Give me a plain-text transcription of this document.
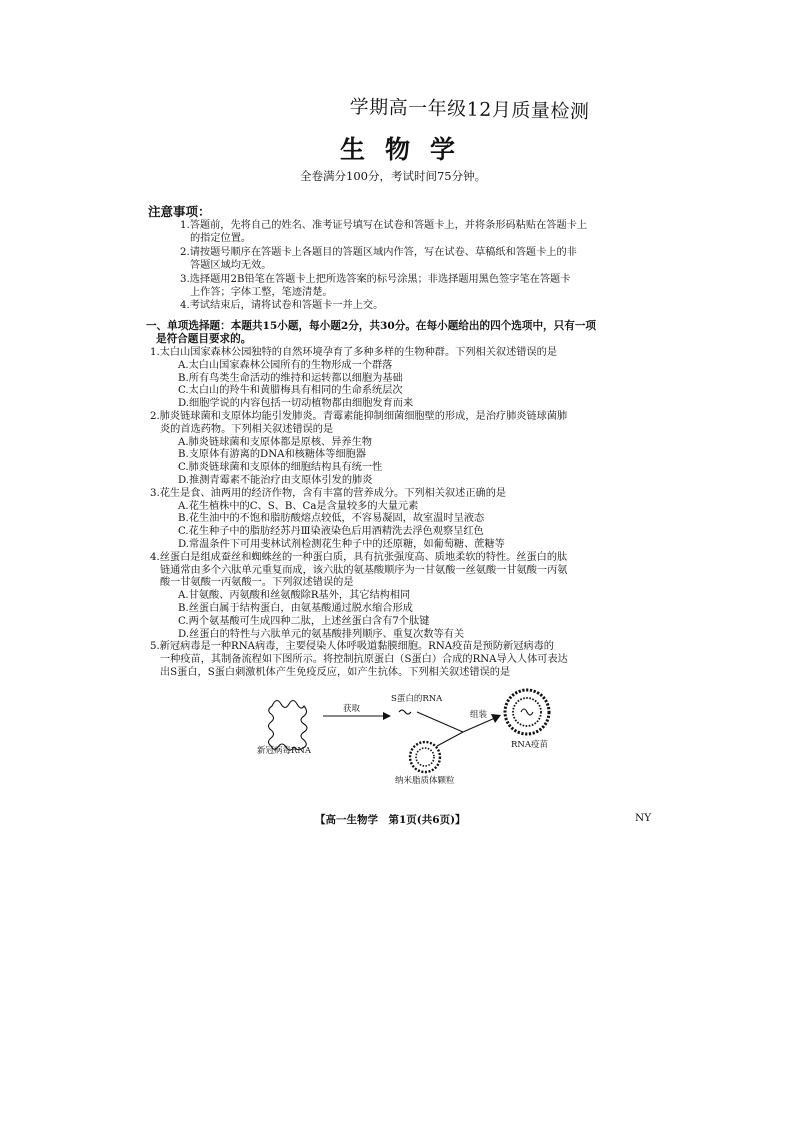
学期高一年级12月质量检测
生物学
全卷满分100分，考试时间75分钟。
注意事项：
1.答题前，先将自己的姓名、准考证号填写在试卷和答题卡上，并将条形码粘贴在答题卡上
的指定位置。
2.请按题号顺序在答题卡上各题目的答题区域内作答，写在试卷、草稿纸和答题卡上的非
答题区域均无效。
3.选择题用2B铅笔在答题卡上把所选答案的标号涂黑；非选择题用黑色签字笔在答题卡
上作答；字体工整，笔迹清楚。
4.考试结束后，请将试卷和答题卡一并上交。
一、单项选择题：本题共15小题，每小题2分，共30分。在每小题给出的四个选项中，只有一项
是符合题目要求的。
1.太白山国家森林公园独特的自然环境孕育了多种多样的生物种群。下列相关叙述错误的是
A.太白山国家森林公园所有的生物形成一个群落
B.所有鸟类生命活动的维持和运转都以细胞为基础
C.太白山的羚牛和黄腊梅具有相同的生命系统层次
D.细胞学说的内容包括一切动植物都由细胞发育而来
2.肺炎链球菌和支原体均能引发肺炎。青霉素能抑制细菌细胞壁的形成，是治疗肺炎链球菌肺
炎的首选药物。下列相关叙述错误的是
A.肺炎链球菌和支原体都是原核、异养生物
B.支原体有游离的DNA和核糖体等细胞器
C.肺炎链球菌和支原体的细胞结构具有统一性
D.推测青霉素不能治疗由支原体引发的肺炎
3.花生是食、油两用的经济作物，含有丰富的营养成分。下列相关叙述正确的是
A.花生植株中的C、S、B、Ca是含量较多的大量元素
B.花生油中的不饱和脂肪酸熔点较低，不容易凝固，故室温时呈液态
C.花生种子中的脂肪经苏丹Ⅲ染液染色后用酒精洗去浮色观察呈红色
D.常温条件下可用斐林试剂检测花生种子中的还原糖，如葡萄糖、蔗糖等
4.丝蛋白是组成蚕丝和蜘蛛丝的一种蛋白质，具有抗张强度高、质地柔软的特性。丝蛋白的肽
链通常由多个六肽单元重复而成，该六肽的氨基酸顺序为一甘氨酸一丝氨酸一甘氨酸一丙氨
酸一甘氨酸一丙氨酸一。下列叙述错误的是
A.甘氨酸、丙氨酸和丝氨酸除R基外，其它结构相同
B.丝蛋白属于结构蛋白，由氨基酸通过脱水缩合形成
C.两个氨基酸可生成四种二肽，上述丝蛋白含有7个肽键
D.丝蛋白的特性与六肽单元的氨基酸排列顺序、重复次数等有关
5.新冠病毒是一种RNA病毒，主要侵染人体呼吸道黏膜细胞。RNA疫苗是预防新冠病毒的
一种疫苗，其制备流程如下图所示。将控制抗原蛋白（S蛋白）合成的RNA导入人体可表达
出S蛋白，S蛋白刺激机体产生免疫反应，如产生抗体。下列相关叙述错误的是
新冠病毒RNA
获取
S蛋白的RNA
组装
纳米脂质体颗粒
RNA疫苗
【高一生物学　第1页(共6页)】	NY
